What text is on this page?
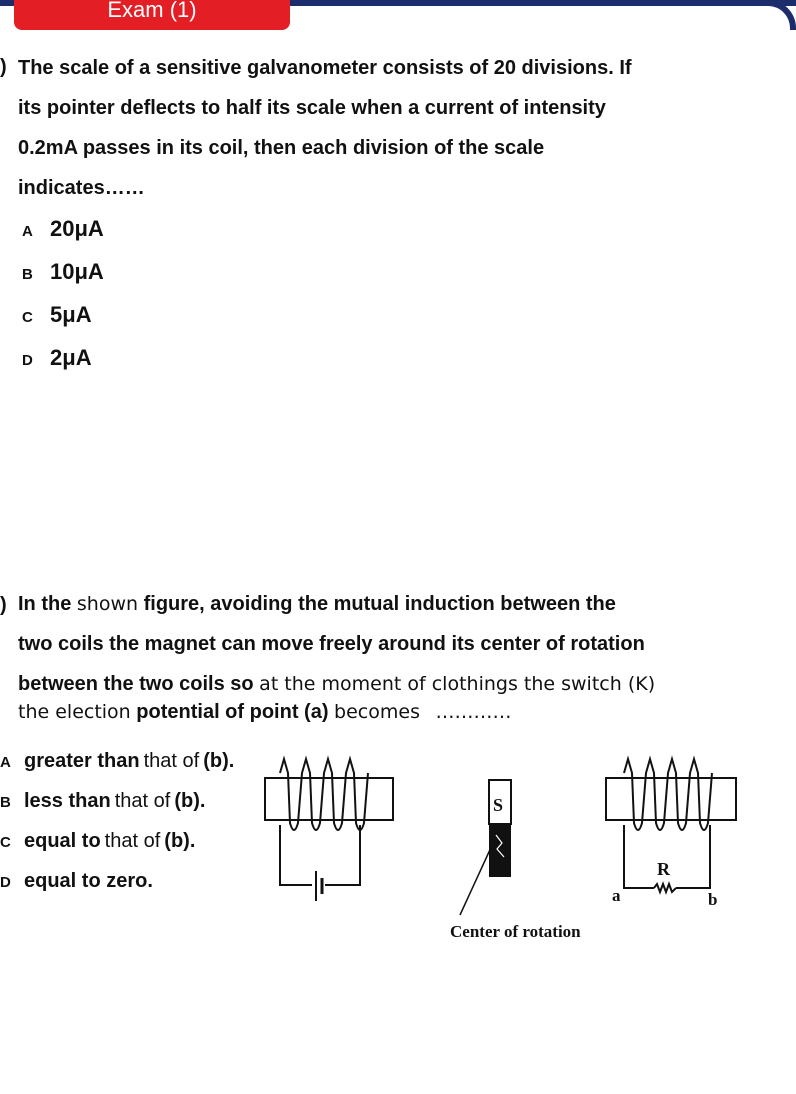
Exam (1)
) The scale of a sensitive galvanometer consists of 20 divisions. If
its pointer deflects to half its scale when a current of intensity
0.2mA passes in its coil, then each division of the scale
indicates……
A 20μA
B 10μA
C 5μA
D 2μA
) In the shown figure, avoiding the mutual induction between the
two coils the magnet can move freely around its center of rotation
between the two coils so at the moment of clothings the switch (K)
the election potential of point (a) becomes …………
A greater than that of (b).
B less than that of (b).
C equal to that of (b).
D equal to zero.
S
R
a	b
Center of rotation
